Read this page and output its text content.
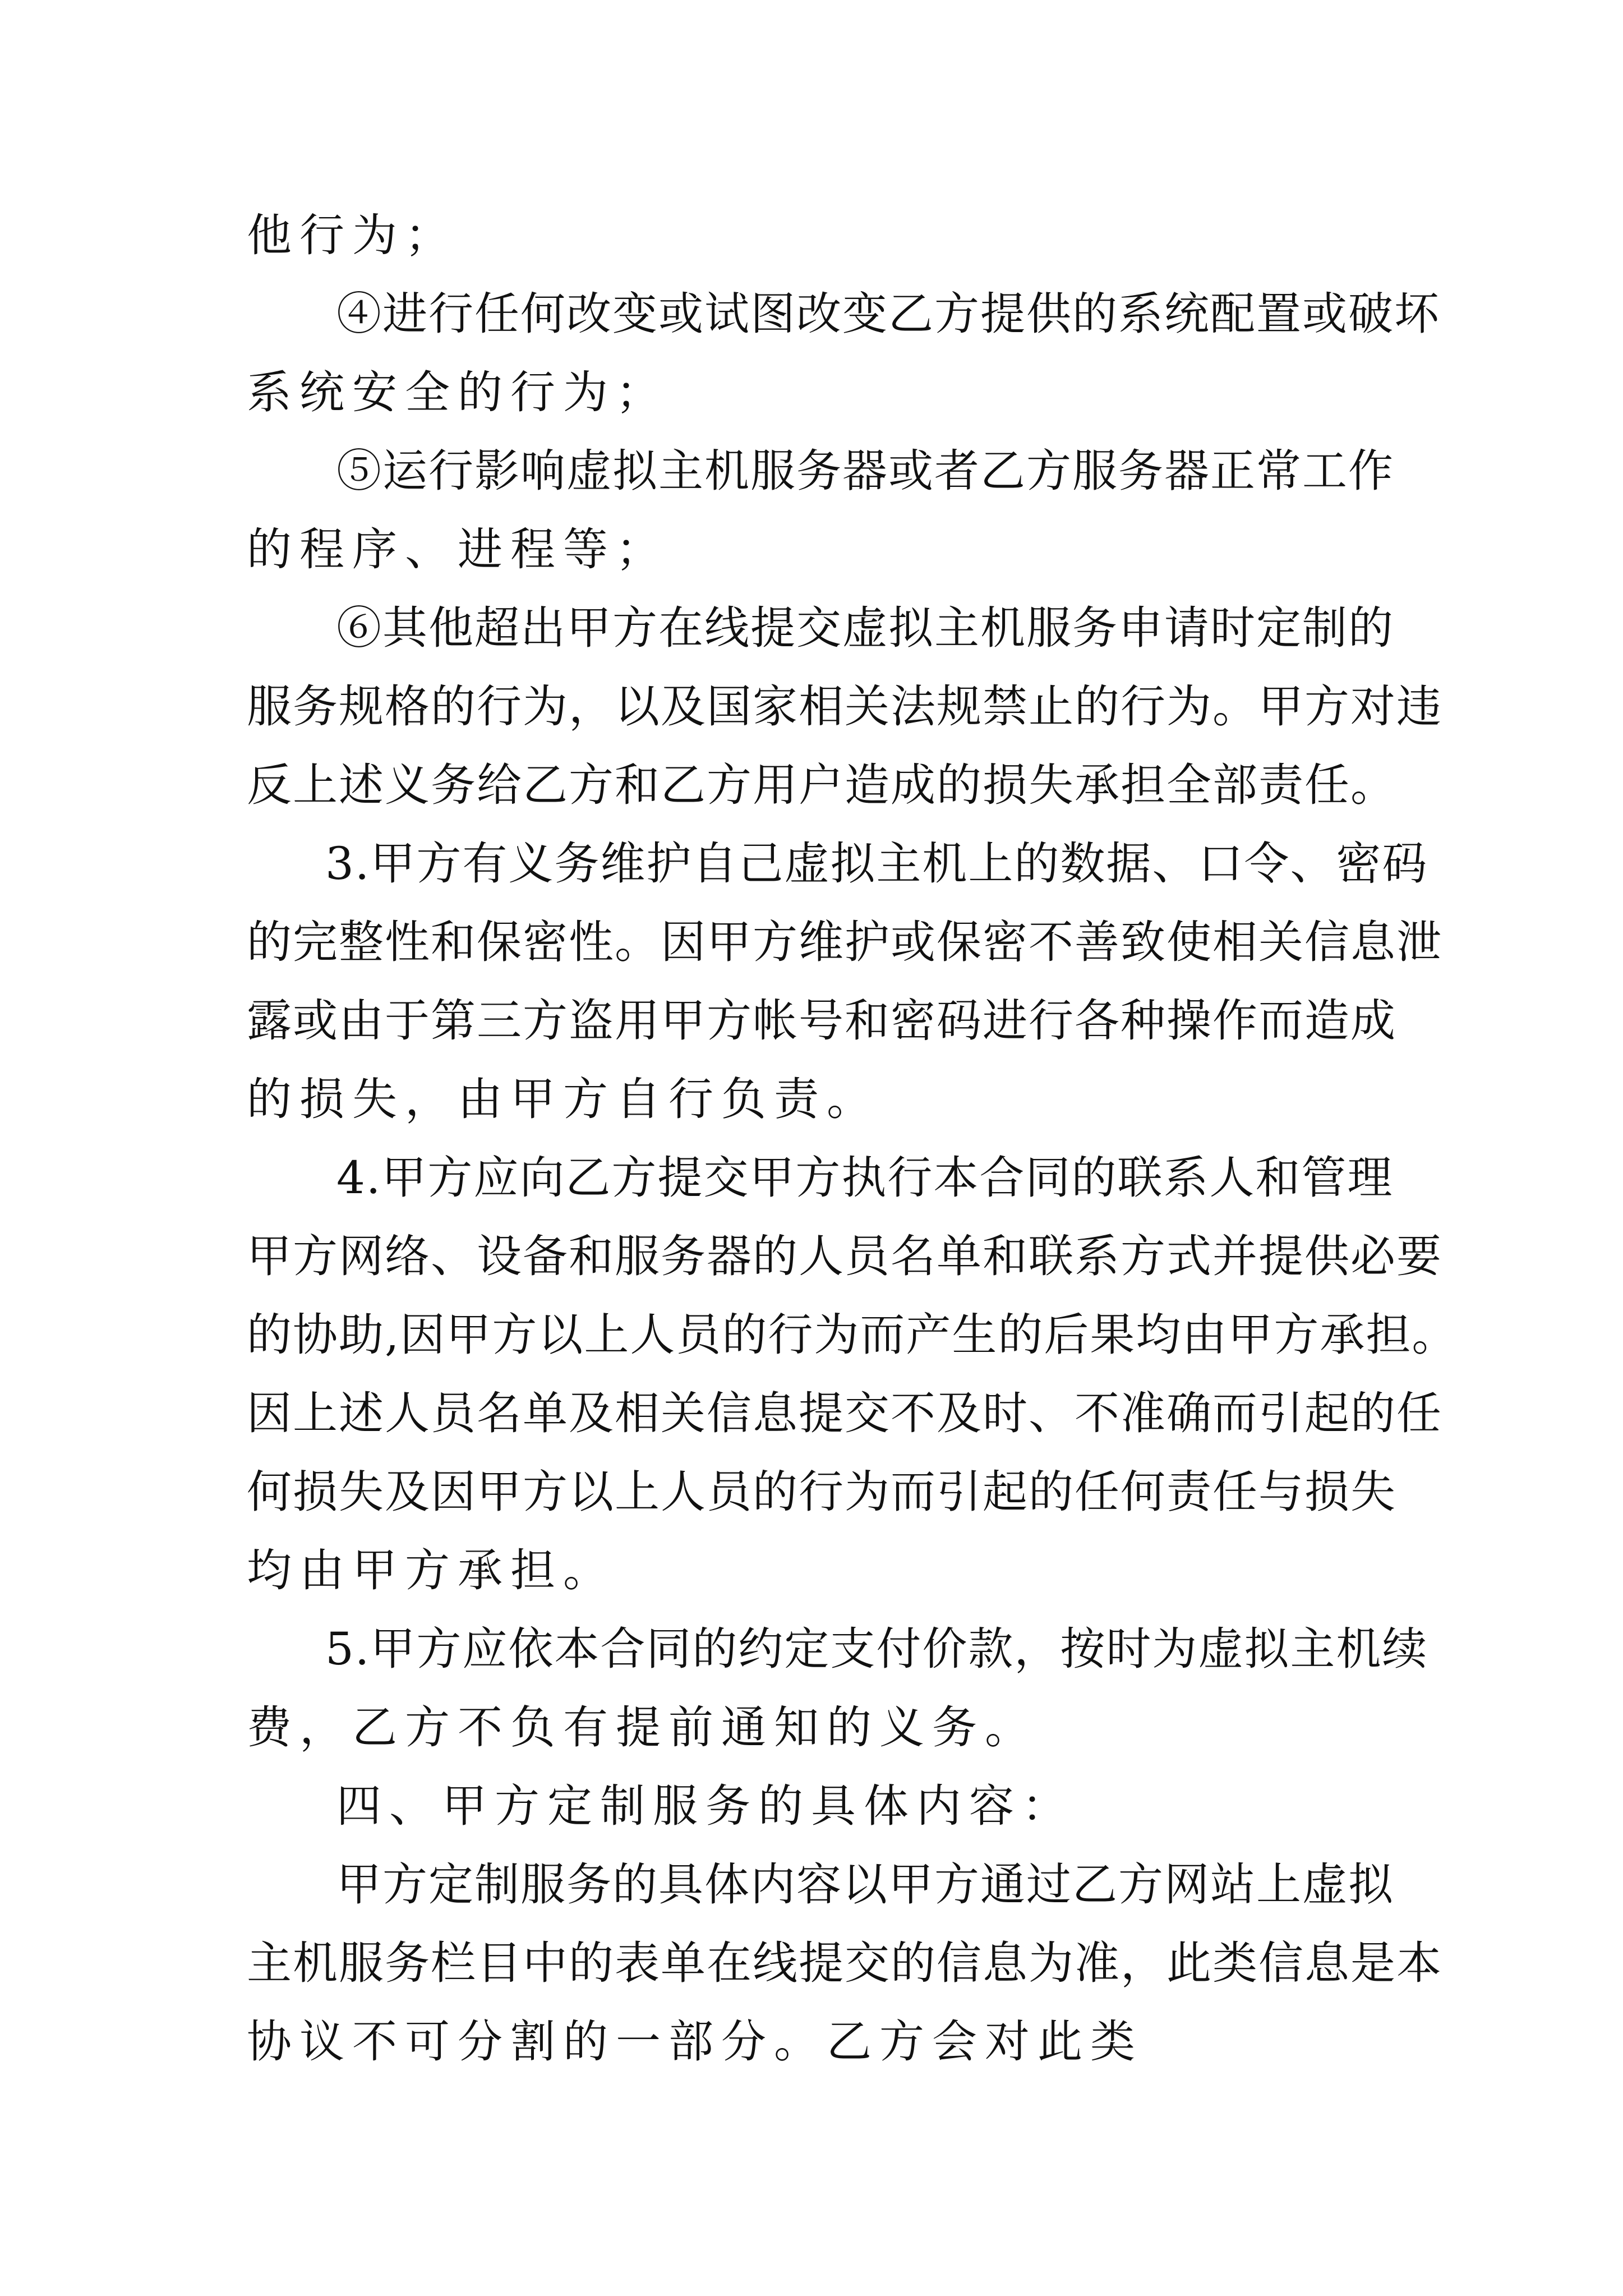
他行为；

④进行任何改变或试图改变乙方提供的系统配置或破坏

系统安全的行为；

⑤运行影响虚拟主机服务器或者乙方服务器正常工作

的程序、进程等；

⑥其他超出甲方在线提交虚拟主机服务申请时定制的

服务规格的行为，以及国家相关法规禁止的行为。甲方对违

反上述义务给乙方和乙方用户造成的损失承担全部责任。

3.甲方有义务维护自己虚拟主机上的数据、口令、密码

的完整性和保密性。因甲方维护或保密不善致使相关信息泄

露或由于第三方盗用甲方帐号和密码进行各种操作而造成

的损失，由甲方自行负责。

4.甲方应向乙方提交甲方执行本合同的联系人和管理

甲方网络、设备和服务器的人员名单和联系方式并提供必要

的协助,因甲方以上人员的行为而产生的后果均由甲方承担。

因上述人员名单及相关信息提交不及时、不准确而引起的任

何损失及因甲方以上人员的行为而引起的任何责任与损失

均由甲方承担。

5.甲方应依本合同的约定支付价款，按时为虚拟主机续

费，乙方不负有提前通知的义务。

四、甲方定制服务的具体内容：

甲方定制服务的具体内容以甲方通过乙方网站上虚拟

主机服务栏目中的表单在线提交的信息为准，此类信息是本

协议不可分割的一部分。乙方会对此类
